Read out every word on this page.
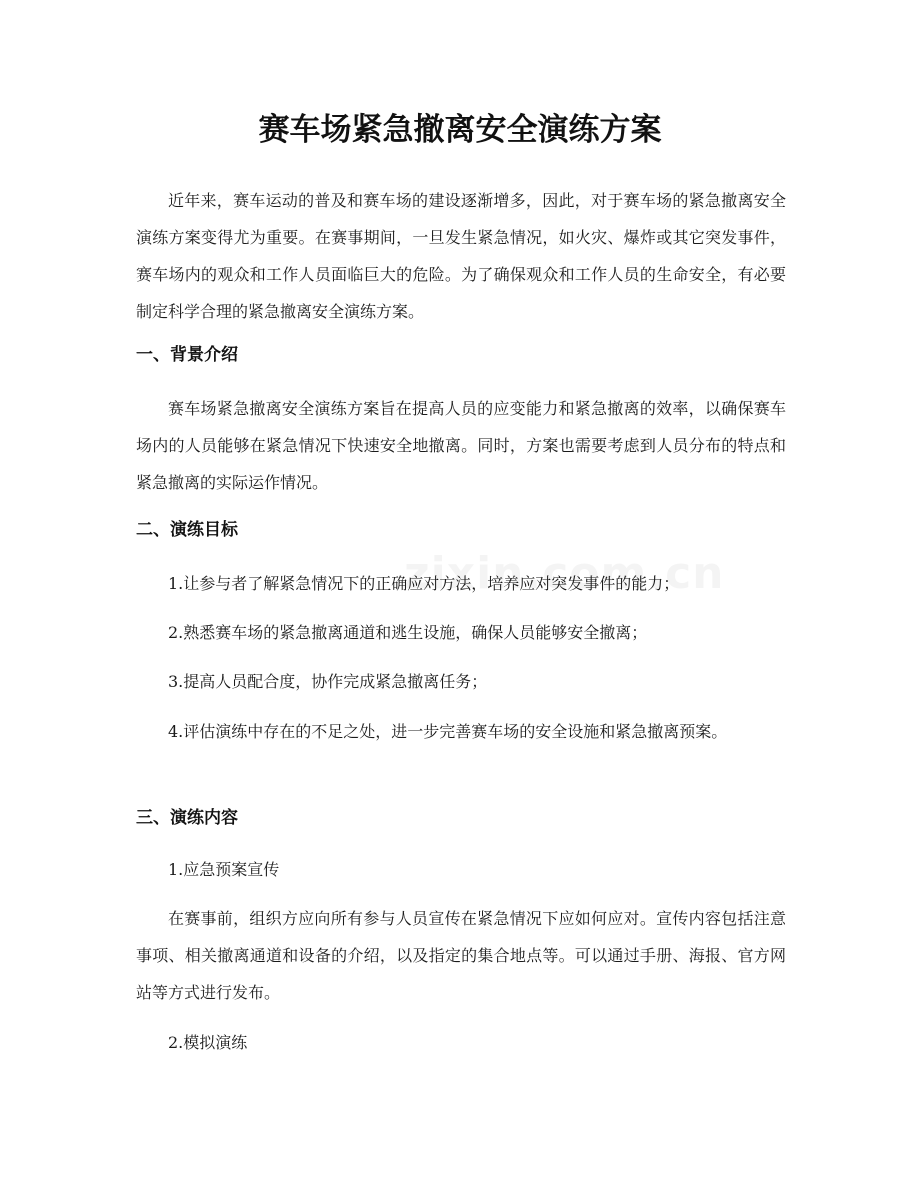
赛车场紧急撤离安全演练方案

近年来，赛车运动的普及和赛车场的建设逐渐增多，因此，对于赛车场的紧急撤离安全演练方案变得尤为重要。在赛事期间，一旦发生紧急情况，如火灾、爆炸或其它突发事件，赛车场内的观众和工作人员面临巨大的危险。为了确保观众和工作人员的生命安全，有必要制定科学合理的紧急撤离安全演练方案。

一、背景介绍

赛车场紧急撤离安全演练方案旨在提高人员的应变能力和紧急撤离的效率，以确保赛车场内的人员能够在紧急情况下快速安全地撤离。同时，方案也需要考虑到人员分布的特点和紧急撤离的实际运作情况。

二、演练目标

1.让参与者了解紧急情况下的正确应对方法，培养应对突发事件的能力；

2.熟悉赛车场的紧急撤离通道和逃生设施，确保人员能够安全撤离；

3.提高人员配合度，协作完成紧急撤离任务；

4.评估演练中存在的不足之处，进一步完善赛车场的安全设施和紧急撤离预案。

三、演练内容

1.应急预案宣传

在赛事前，组织方应向所有参与人员宣传在紧急情况下应如何应对。宣传内容包括注意事项、相关撤离通道和设备的介绍，以及指定的集合地点等。可以通过手册、海报、官方网站等方式进行发布。

2.模拟演练
